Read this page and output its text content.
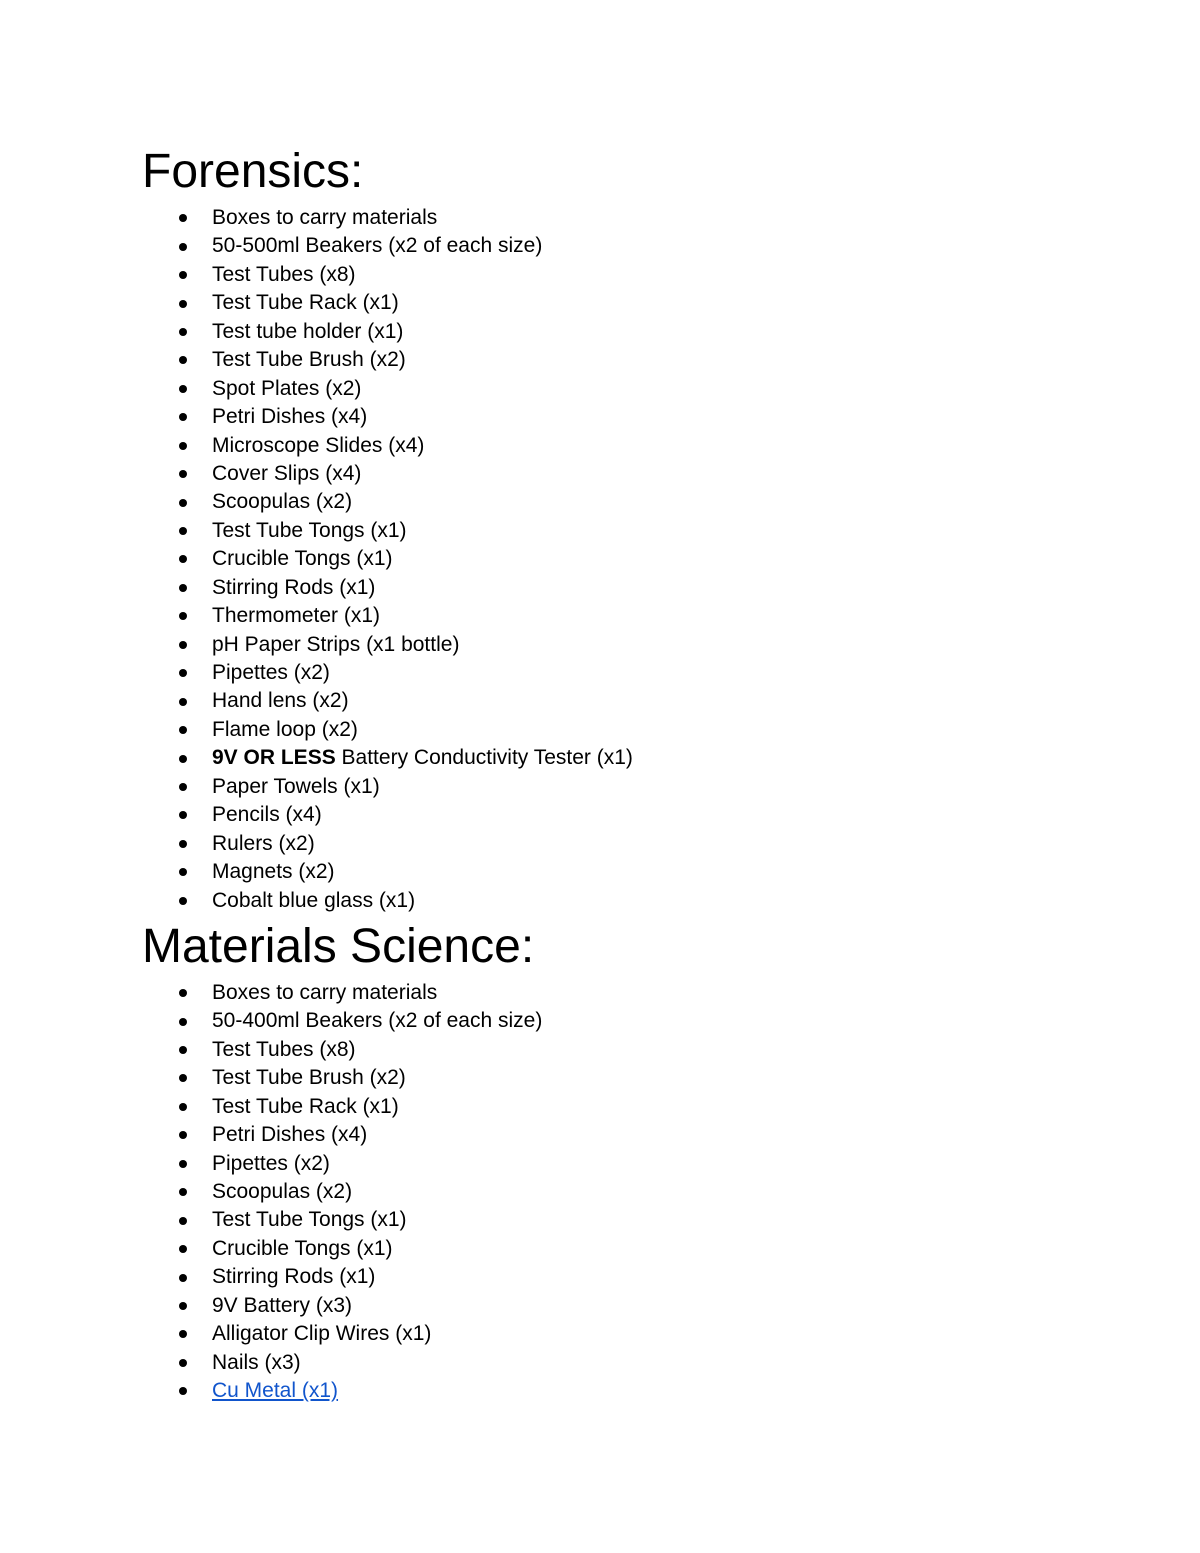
Forensics:
Boxes to carry materials
50-500ml Beakers (x2 of each size)
Test Tubes (x8)
Test Tube Rack (x1)
Test tube holder (x1)
Test Tube Brush (x2)
Spot Plates (x2)
Petri Dishes (x4)
Microscope Slides (x4)
Cover Slips (x4)
Scoopulas (x2)
Test Tube Tongs (x1)
Crucible Tongs (x1)
Stirring Rods (x1)
Thermometer (x1)
pH Paper Strips (x1 bottle)
Pipettes (x2)
Hand lens (x2)
Flame loop (x2)
9V OR LESS Battery Conductivity Tester (x1)
Paper Towels (x1)
Pencils (x4)
Rulers (x2)
Magnets (x2)
Cobalt blue glass (x1)
Materials Science:
Boxes to carry materials
50-400ml Beakers (x2 of each size)
Test Tubes (x8)
Test Tube Brush (x2)
Test Tube Rack (x1)
Petri Dishes (x4)
Pipettes (x2)
Scoopulas (x2)
Test Tube Tongs (x1)
Crucible Tongs (x1)
Stirring Rods (x1)
9V Battery (x3)
Alligator Clip Wires (x1)
Nails (x3)
Cu Metal (x1)
